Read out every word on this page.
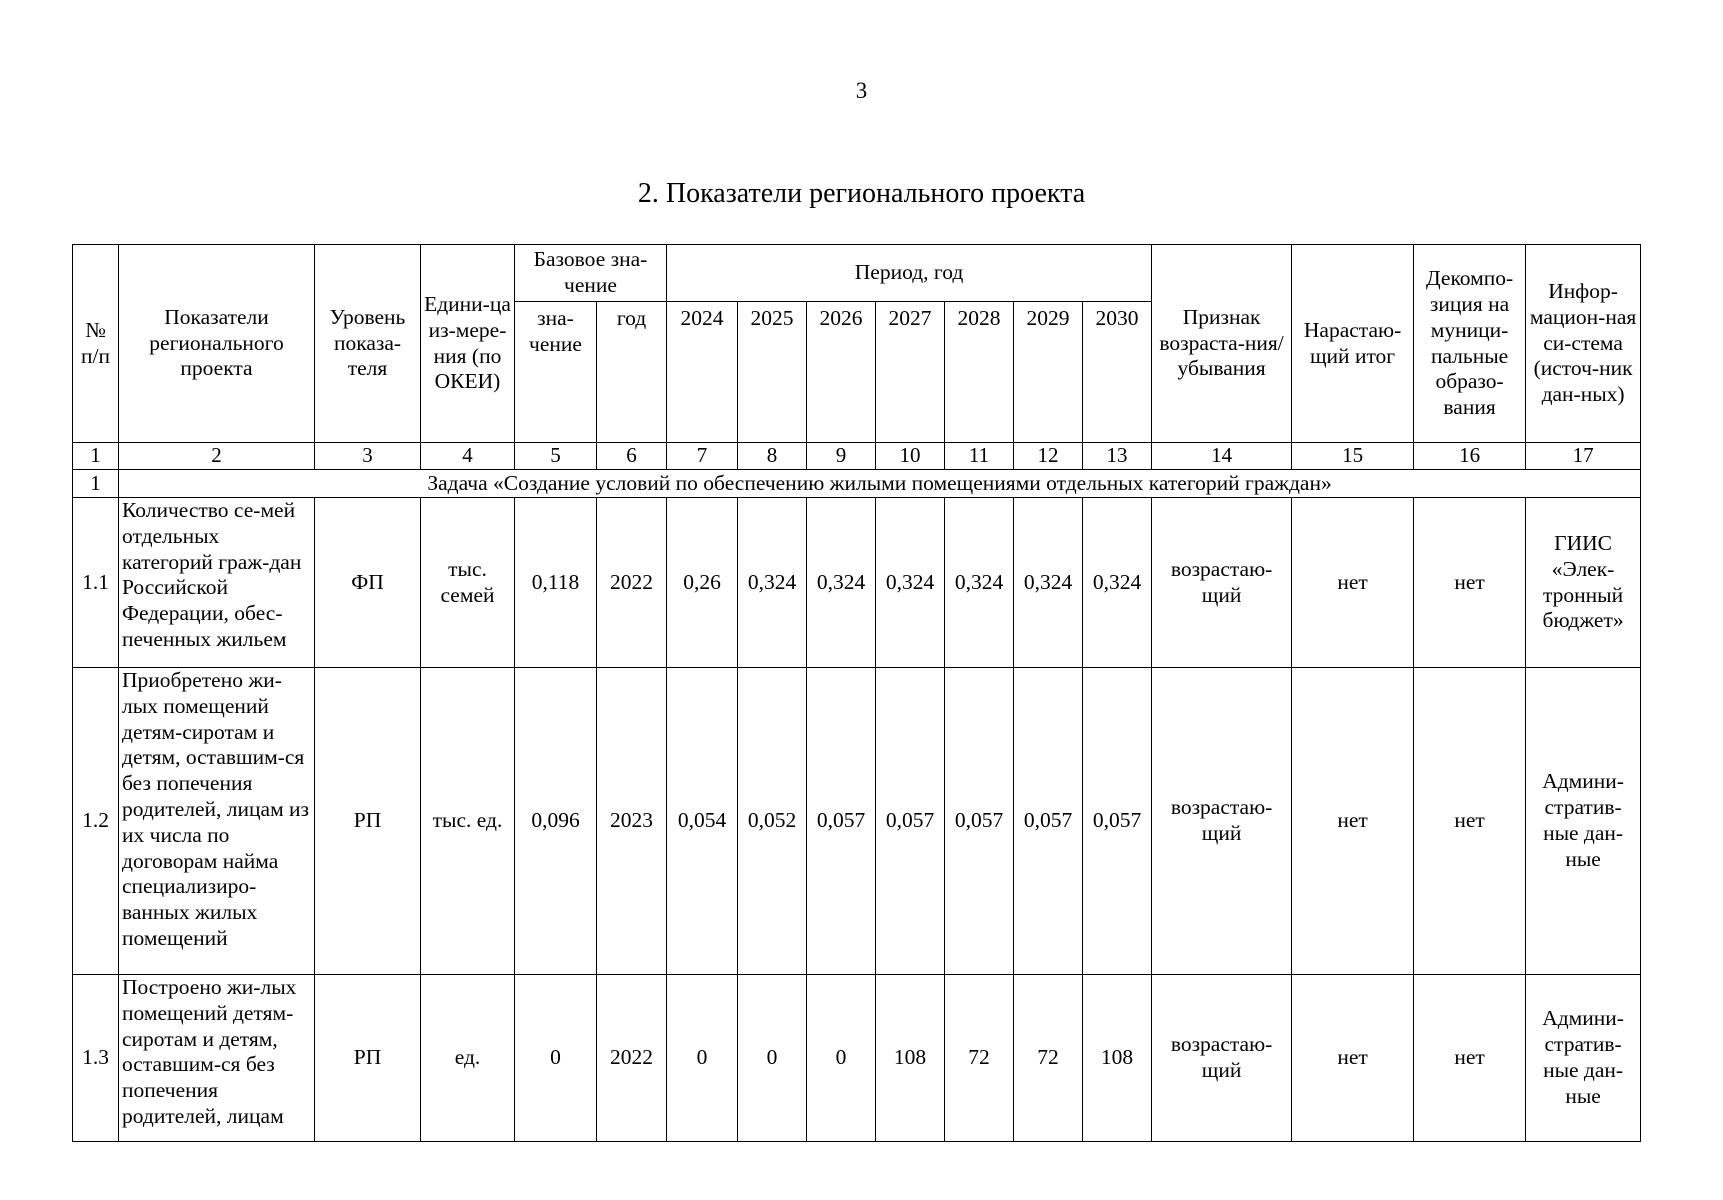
3
2. Показатели регионального проекта
№ п/п	Показатели регионального проекта	Уровень показа-теля	Едини-ца из-мере-ния (по ОКЕИ)	Базовое зна-чение		Период, год							Признак возраста-ния/ убывания	Нарастаю-щий итог	Декомпо-зиция на муници-пальные образо-вания	Инфор-мацион-ная си-стема (источ-ник дан-ных)
				зна-чение	год	2024	2025	2026	2027	2028	2029	2030				
1	2	3	4	5	6	7	8	9	10	11	12	13	14	15	16	17
1	Задача «Создание условий по обеспечению жилыми помещениями отдельных категорий граждан»															
1.1	Количество се-мей отдельных категорий граж-дан Российской Федерации, обес-печенных жильем	ФП	тыс. семей	0,118	2022	0,26	0,324	0,324	0,324	0,324	0,324	0,324	возрастаю-щий	нет	нет	ГИИС «Элек-тронный бюджет»
1.2	Приобретено жи-лых помещений детям-сиротам и детям, оставшим-ся без попечения родителей, лицам из их числа по договорам найма специализиро-ванных жилых помещений	РП	тыс. ед.	0,096	2023	0,054	0,052	0,057	0,057	0,057	0,057	0,057	возрастаю-щий	нет	нет	Админи-стратив-ные дан-ные
1.3	Построено жи-лых помещений детям-сиротам и детям, оставшим-ся без попечения родителей, лицам	РП	ед.	0	2022	0	0	0	108	72	72	108	возрастаю-щий	нет	нет	Админи-стратив-ные дан-ные
